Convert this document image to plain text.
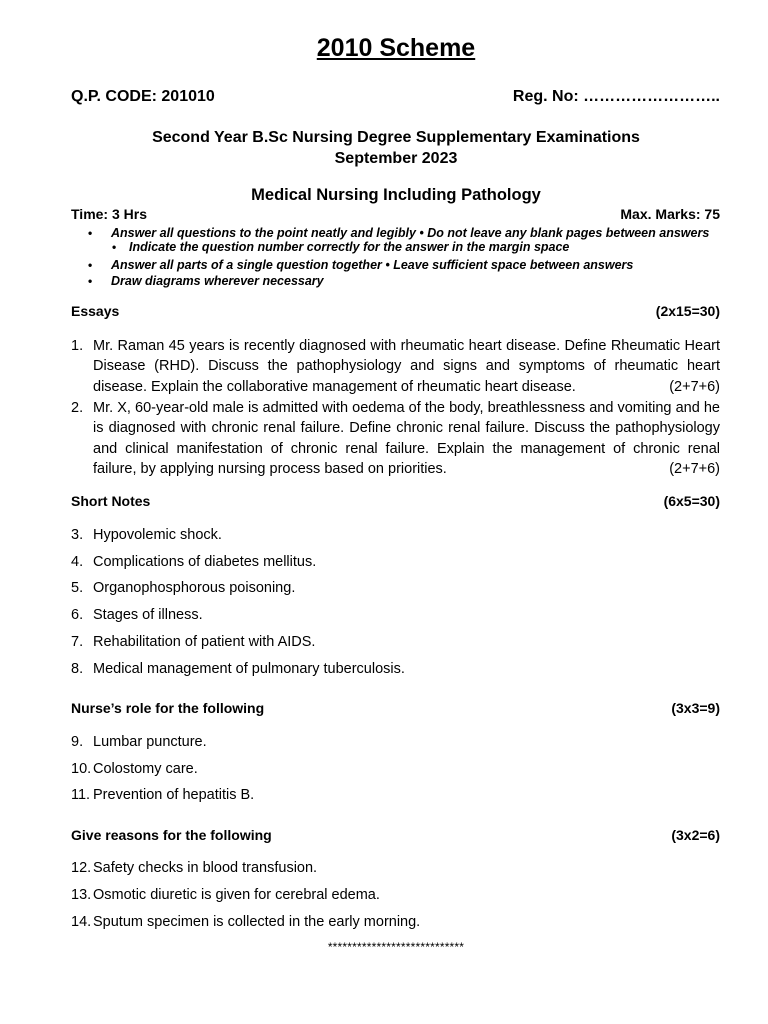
2010 Scheme
Q.P. CODE: 201010	Reg. No: ……………………..
Second Year B.Sc Nursing Degree Supplementary Examinations
September 2023
Medical Nursing Including Pathology
Time: 3 Hrs	Max. Marks: 75
• Answer all questions to the point neatly and legibly • Do not leave any blank pages between answers
• Indicate the question number correctly for the answer in the margin space
• Answer all parts of a single question together • Leave sufficient space between answers
• Draw diagrams wherever necessary
Essays	(2x15=30)
1. Mr. Raman 45 years is recently diagnosed with rheumatic heart disease. Define Rheumatic Heart Disease (RHD). Discuss the pathophysiology and signs and symptoms of rheumatic heart disease. Explain the collaborative management of rheumatic heart disease.	(2+7+6)
2. Mr. X, 60-year-old male is admitted with oedema of the body, breathlessness and vomiting and he is diagnosed with chronic renal failure. Define chronic renal failure. Discuss the pathophysiology and clinical manifestation of chronic renal failure. Explain the management of chronic renal failure, by applying nursing process based on priorities.	(2+7+6)
Short Notes	(6x5=30)
3. Hypovolemic shock.
4. Complications of diabetes mellitus.
5. Organophosphorous poisoning.
6. Stages of illness.
7. Rehabilitation of patient with AIDS.
8. Medical management of pulmonary tuberculosis.
Nurse’s role for the following	(3x3=9)
9. Lumbar puncture.
10. Colostomy care.
11. Prevention of hepatitis B.
Give reasons for the following	(3x2=6)
12. Safety checks in blood transfusion.
13. Osmotic diuretic is given for cerebral edema.
14. Sputum specimen is collected in the early morning.
****************************
